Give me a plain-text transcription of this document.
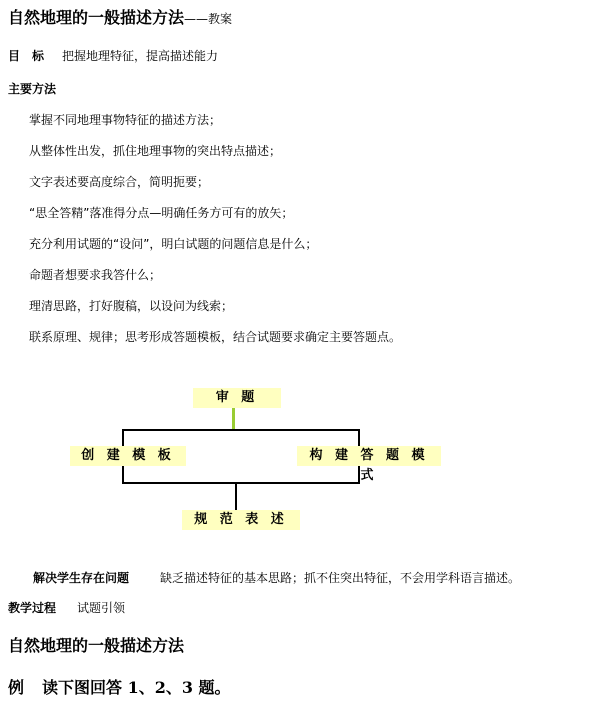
自然地理的一般描述方法——教案
目　标 把握地理特征，提高描述能力
主要方法
掌握不同地理事物特征的描述方法；
从整体性出发，抓住地理事物的突出特点描述；
文字表述要高度综合，简明扼要；
“思全答精”落准得分点—明确任务方可有的放矢；
充分利用试题的“设问”，明白试题的问题信息是什么；
命题者想要求我答什么；
理清思路，打好腹稿，以设问为线索；
联系原理、规律；思考形成答题模板，结合试题要求确定主要答题点。
审 题
创 建 模 板	构 建 答 题 模 式
规 范 表 述
解决学生存在问题	缺乏描述特征的基本思路；抓不住突出特征，不会用学科语言描述。
教学过程 试题引领
自然地理的一般描述方法
例 读下图回答 1、2、3 题。
